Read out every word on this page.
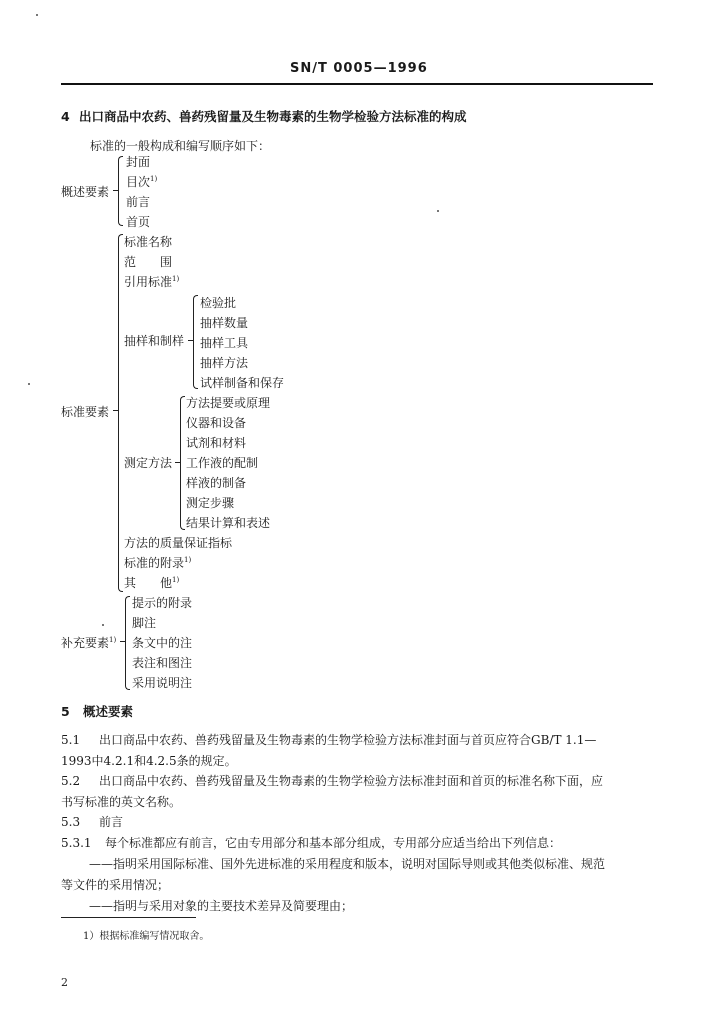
SN/T 0005—1996
4 出口商品中农药、兽药残留量及生物毒素的生物学检验方法标准的构成
标准的一般构成和编写顺序如下：
概述要素
封面
目次$^{1)}$
前言
首页
标准要素
标准名称
范　　围
引用标准$^{1)}$
抽样和制样
检验批
抽样数量
抽样工具
抽样方法
试样制备和保存
测定方法
方法提要或原理
仪器和设备
试剂和材料
工作液的配制
样液的制备
测定步骤
结果计算和表述
方法的质量保证指标
标准的附录$^{1)}$
其　　他$^{1)}$
补充要素$^{1)}$
提示的附录
脚注
条文中的注
表注和图注
采用说明注
5 概述要素
5.1 出口商品中农药、兽药残留量及生物毒素的生物学检验方法标准封面与首页应符合GB/T 1.1—
1993中4.2.1和4.2.5条的规定。
5.2 出口商品中农药、兽药残留量及生物毒素的生物学检验方法标准封面和首页的标准名称下面，应
书写标准的英文名称。
5.3 前言
5.3.1 每个标准都应有前言，它由专用部分和基本部分组成，专用部分应适当给出下列信息：
——指明采用国际标准、国外先进标准的采用程度和版本，说明对国际导则或其他类似标准、规范
等文件的采用情况；
——指明与采用对象的主要技术差异及简要理由；
1）根据标准编写情况取舍。
2
